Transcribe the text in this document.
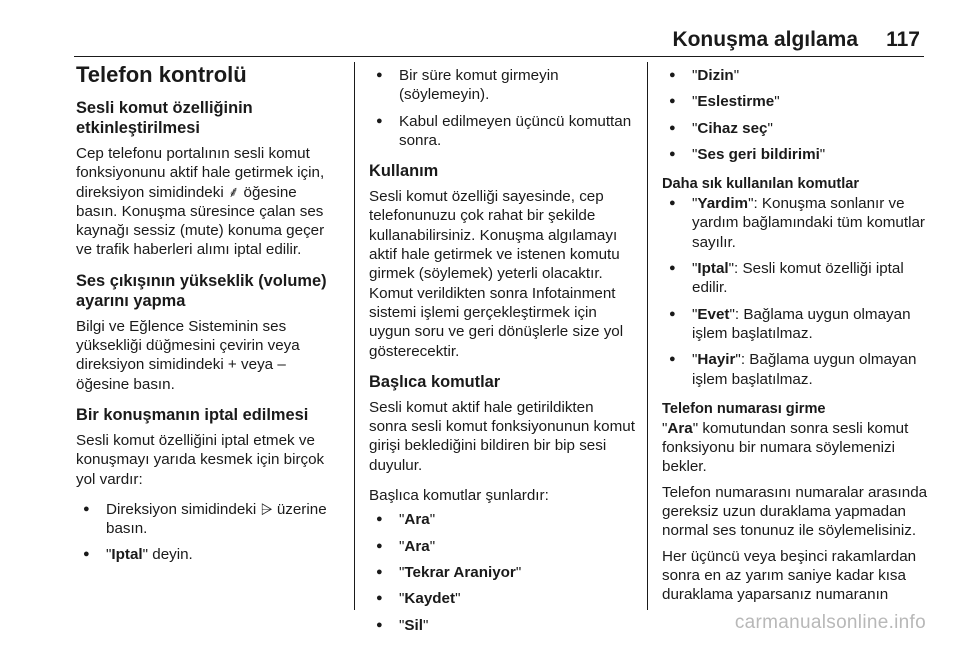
Konuşma algılama 117
Telefon kontrolü
Sesli komut özelliğinin etkinleştirilmesi

Cep telefonu portalının sesli komut fonksiyonunu aktif hale getirmek için, direksiyon simidindeki ⸙ öğesine basın. Konuşma süresince çalan ses kaynağı sessiz (mute) konuma geçer ve trafik haberleri alımı iptal edilir.

Ses çıkışının yükseklik (volume) ayarını yapma

Bilgi ve Eğlence Sisteminin ses yüksekliği düğmesini çevirin veya direksiyon simidindeki + veya – öğesine basın.

Bir konuşmanın iptal edilmesi

Sesli komut özelliğini iptal etmek ve konuşmayı yarıda kesmek için birçok yol vardır:

● Direksiyon simidindeki ⩥ üzerine basın.
● "Iptal" deyin.
● Bir süre komut girmeyin (söylemeyin).
● Kabul edilmeyen üçüncü komuttan sonra.
Kullanım

Sesli komut özelliği sayesinde, cep telefonunuzu çok rahat bir şekilde kullanabilirsiniz. Konuşma algılamayı aktif hale getirmek ve istenen komutu girmek (söylemek) yeterli olacaktır. Komut verildikten sonra Infotainment sistemi işlemi gerçekleştirmek için uygun soru ve geri dönüşlerle size yol gösterecektir.

Başlıca komutlar

Sesli komut aktif hale getirildikten sonra sesli komut fonksiyonunun komut girişi beklediğini bildiren bir bip sesi duyulur.

Başlıca komutlar şunlardır:

● "Ara"
● "Ara"
● "Tekrar Araniyor"
● "Kaydet"
● "Sil"
● "Dizin"
● "Eslestirme"
● "Cihaz seç"
● "Ses geri bildirimi"
Daha sık kullanılan komutlar
● "Yardim": Konuşma sonlanır ve yardım bağlamındaki tüm komutlar sayılır.
● "Iptal": Sesli komut özelliği iptal edilir.
● "Evet": Bağlama uygun olmayan işlem başlatılmaz.
● "Hayir": Bağlama uygun olmayan işlem başlatılmaz.
Telefon numarası girme

"Ara" komutundan sonra sesli komut fonksiyonu bir numara söylemenizi bekler.

Telefon numarasını numaralar arasında gereksiz uzun duraklama yapmadan normal ses tonunuz ile söylemelisiniz.

Her üçüncü veya beşinci rakamlardan sonra en az yarım saniye kadar kısa duraklama yaparsanız numaranın

carmanualsonline.info
